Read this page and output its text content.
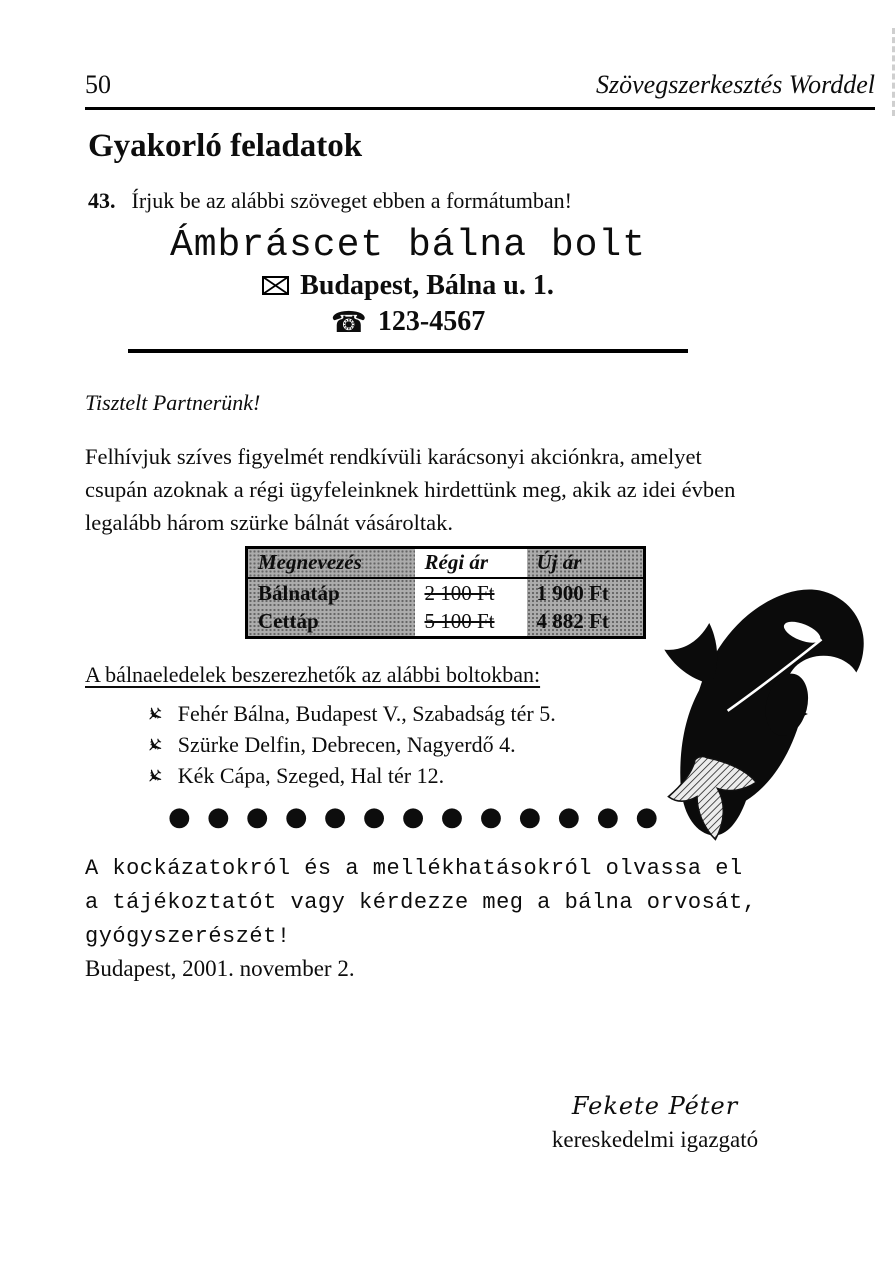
50	Szövegszerkesztés Worddel
Gyakorló feladatok
43. Írjuk be az alábbi szöveget ebben a formátumban!
Ámbráscet bálna bolt
Budapest, Bálna u. 1.
☎ 123-4567
Tisztelt Partnerünk!
Felhívjuk szíves figyelmét rendkívüli karácsonyi akciónkra, amelyet
csupán azoknak a régi ügyfeleinknek hirdettünk meg, akik az idei évben
legalább három szürke bálnát vásároltak.
Megnevezés	Régi ár	Új ár
Bálnatáp	2 100 Ft	1 900 Ft
Cettáp	5 100 Ft	4 882 Ft
A bálnaeledelek beszerezhetők az alábbi boltokban:
✈ Fehér Bálna, Budapest V., Szabadság tér 5.
✈ Szürke Delfin, Debrecen, Nagyerdő 4.
✈ Kék Cápa, Szeged, Hal tér 12.
● ● ● ● ● ● ● ● ● ● ● ● ●
A kockázatokról és a mellékhatásokról olvassa el
a tájékoztatót vagy kérdezze meg a bálna orvosát,
gyógyszerészét!
Budapest, 2001. november 2.
Fekete Péter
kereskedelmi igazgató
